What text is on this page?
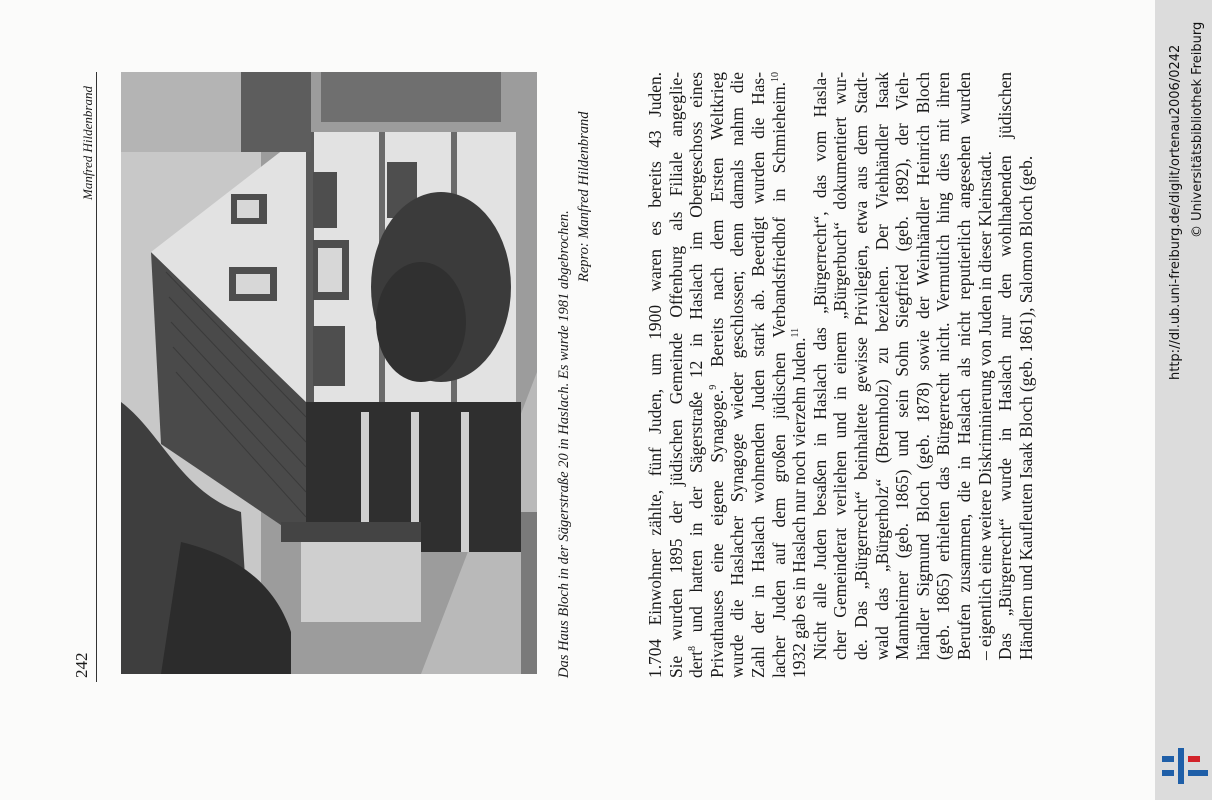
242
Manfred Hildenbrand
Das Haus Bloch in der Sägerstraße 20 in Haslach. Es wurde 1981 abgebrochen.
Repro: Manfred Hildenbrand	1.704 Einwohner zählte, fünf Juden, um 1900 waren es bereits 43 Juden. Sie wurden 1895 der jüdischen Gemeinde Offenburg als Filiale angeglie- dert$^8$ und hatten in der Sägerstraße 12 in Haslach im Obergeschoss eines Privathauses eine eigene Synagoge.$^9$ Bereits nach dem Ersten Weltkrieg wurde die Haslacher Synagoge wieder geschlossen; denn damals nahm die Zahl der in Haslach wohnenden Juden stark ab. Beerdigt wurden die Has- lacher Juden auf dem großen jüdischen Verbandsfriedhof in Schmieheim.$^{10}$
1932 gab es in Haslach nur noch vierzehn Juden.$^{11}$ Nicht alle Juden besaßen in Haslach das „Bürgerrecht“, das vom Hasla- cher Gemeinderat verliehen und in einem „Bürgerbuch“ dokumentiert wur- de. Das „Bürgerrecht“ beinhaltete gewisse Privilegien, etwa aus dem Stadt- wald das „Bürgerholz“ (Brennholz) zu beziehen. Der Viehhändler Isaak Mannheimer (geb. 1865) und sein Sohn Siegfried (geb. 1892), der Vieh- händler Sigmund Bloch (geb. 1878) sowie der Weinhändler Heinrich Bloch (geb. 1865) erhielten das Bürgerrecht nicht. Vermutlich hing dies mit ihren Berufen zusammen, die in Haslach als nicht reputierlich angesehen wurden – eigentlich eine weitere Diskriminierung von Juden in dieser Kleinstadt. Das „Bürgerrecht“ wurde in Haslach nur den wohlhabenden jüdischen Händlern und Kaufleuten Isaak Bloch (geb. 1861), Salomon Bloch (geb.	http://dl.ub.uni-freiburg.de/diglit/ortenau2006/0242 © Universitätsbibliothek Freiburg
